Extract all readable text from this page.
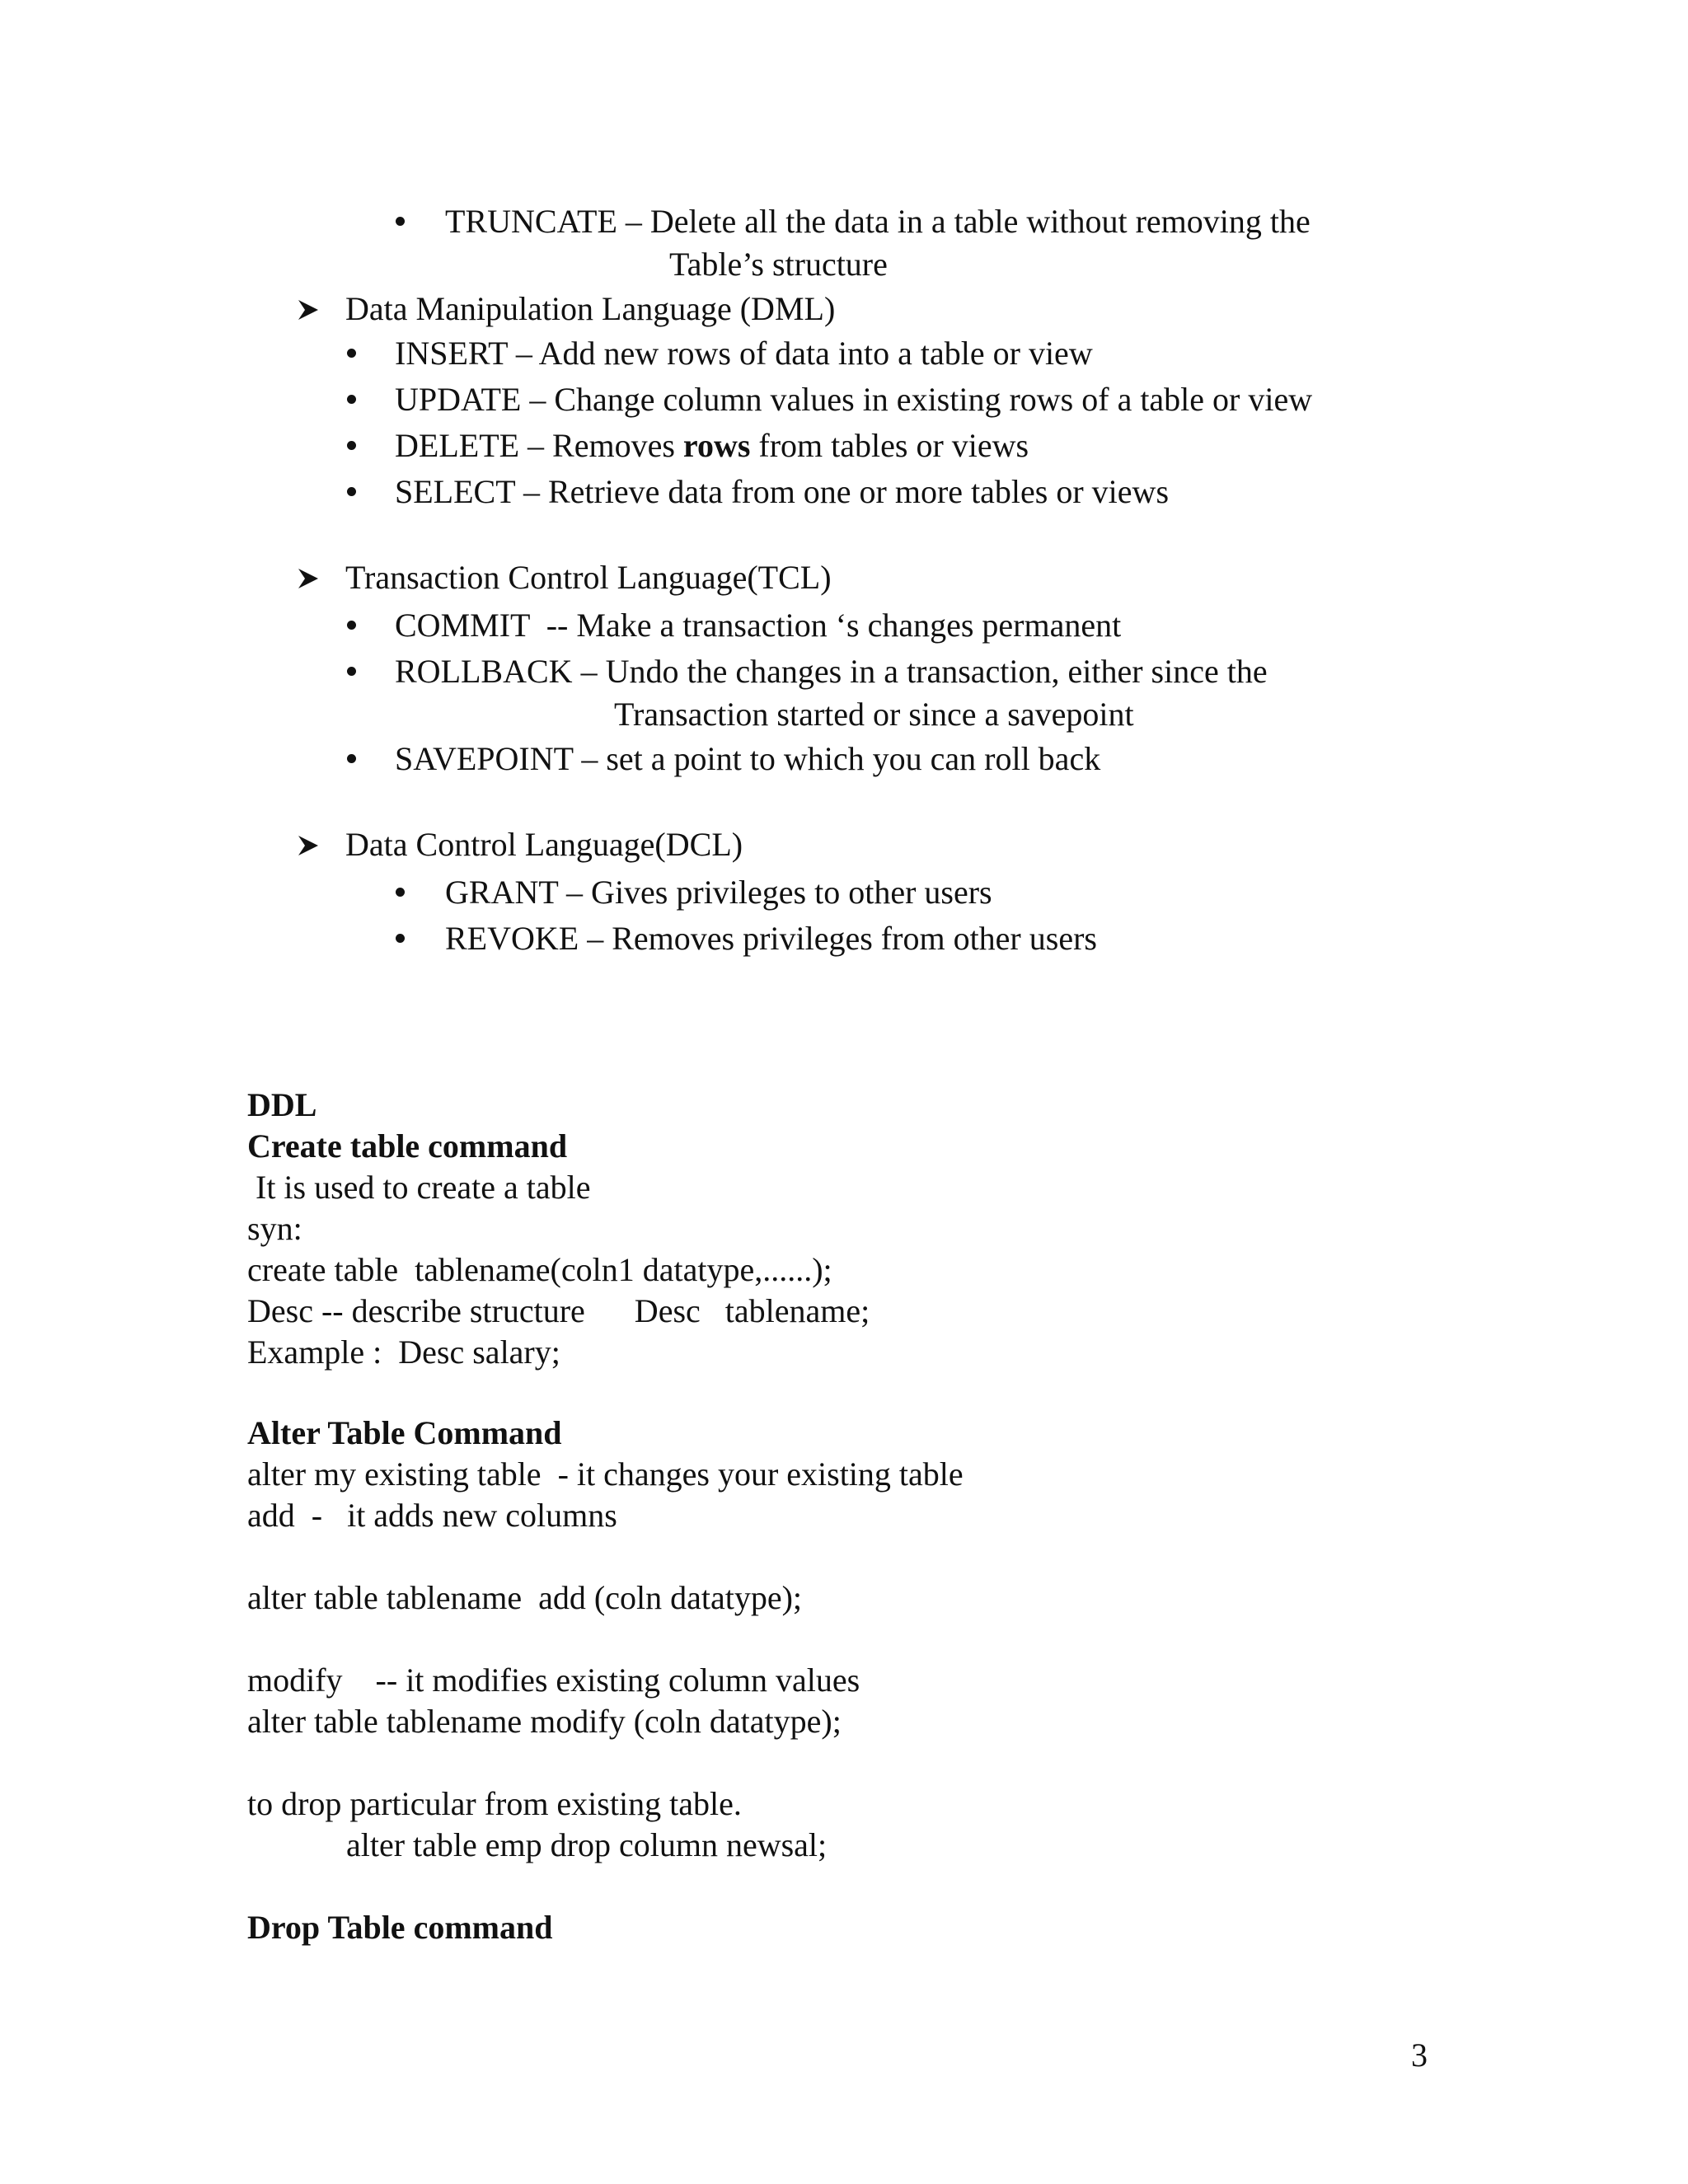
TRUNCATE – Delete all the data in a table without removing the
Table’s structure
Data Manipulation Language (DML)
INSERT – Add new rows of data into a table or view
UPDATE – Change column values in existing rows of a table or view
DELETE – Removes rows from tables or views
SELECT – Retrieve data from one or more tables or views
Transaction Control Language(TCL)
COMMIT  -- Make a transaction ‘s changes permanent
ROLLBACK – Undo the changes in a transaction, either since the
Transaction started or since a savepoint
SAVEPOINT – set a point to which you can roll back
Data Control Language(DCL)
GRANT – Gives privileges to other users
REVOKE – Removes privileges from other users
DDL
Create table command
It is used to create a table
syn:
create table  tablename(coln1 datatype,......);
Desc -- describe structure      Desc   tablename;
Example :  Desc salary;
Alter Table Command
alter my existing table  - it changes your existing table
add  -   it adds new columns
alter table tablename  add (coln datatype);
modify    -- it modifies existing column values
alter table tablename modify (coln datatype);
to drop particular from existing table.
alter table emp drop column newsal;
Drop Table command
3
